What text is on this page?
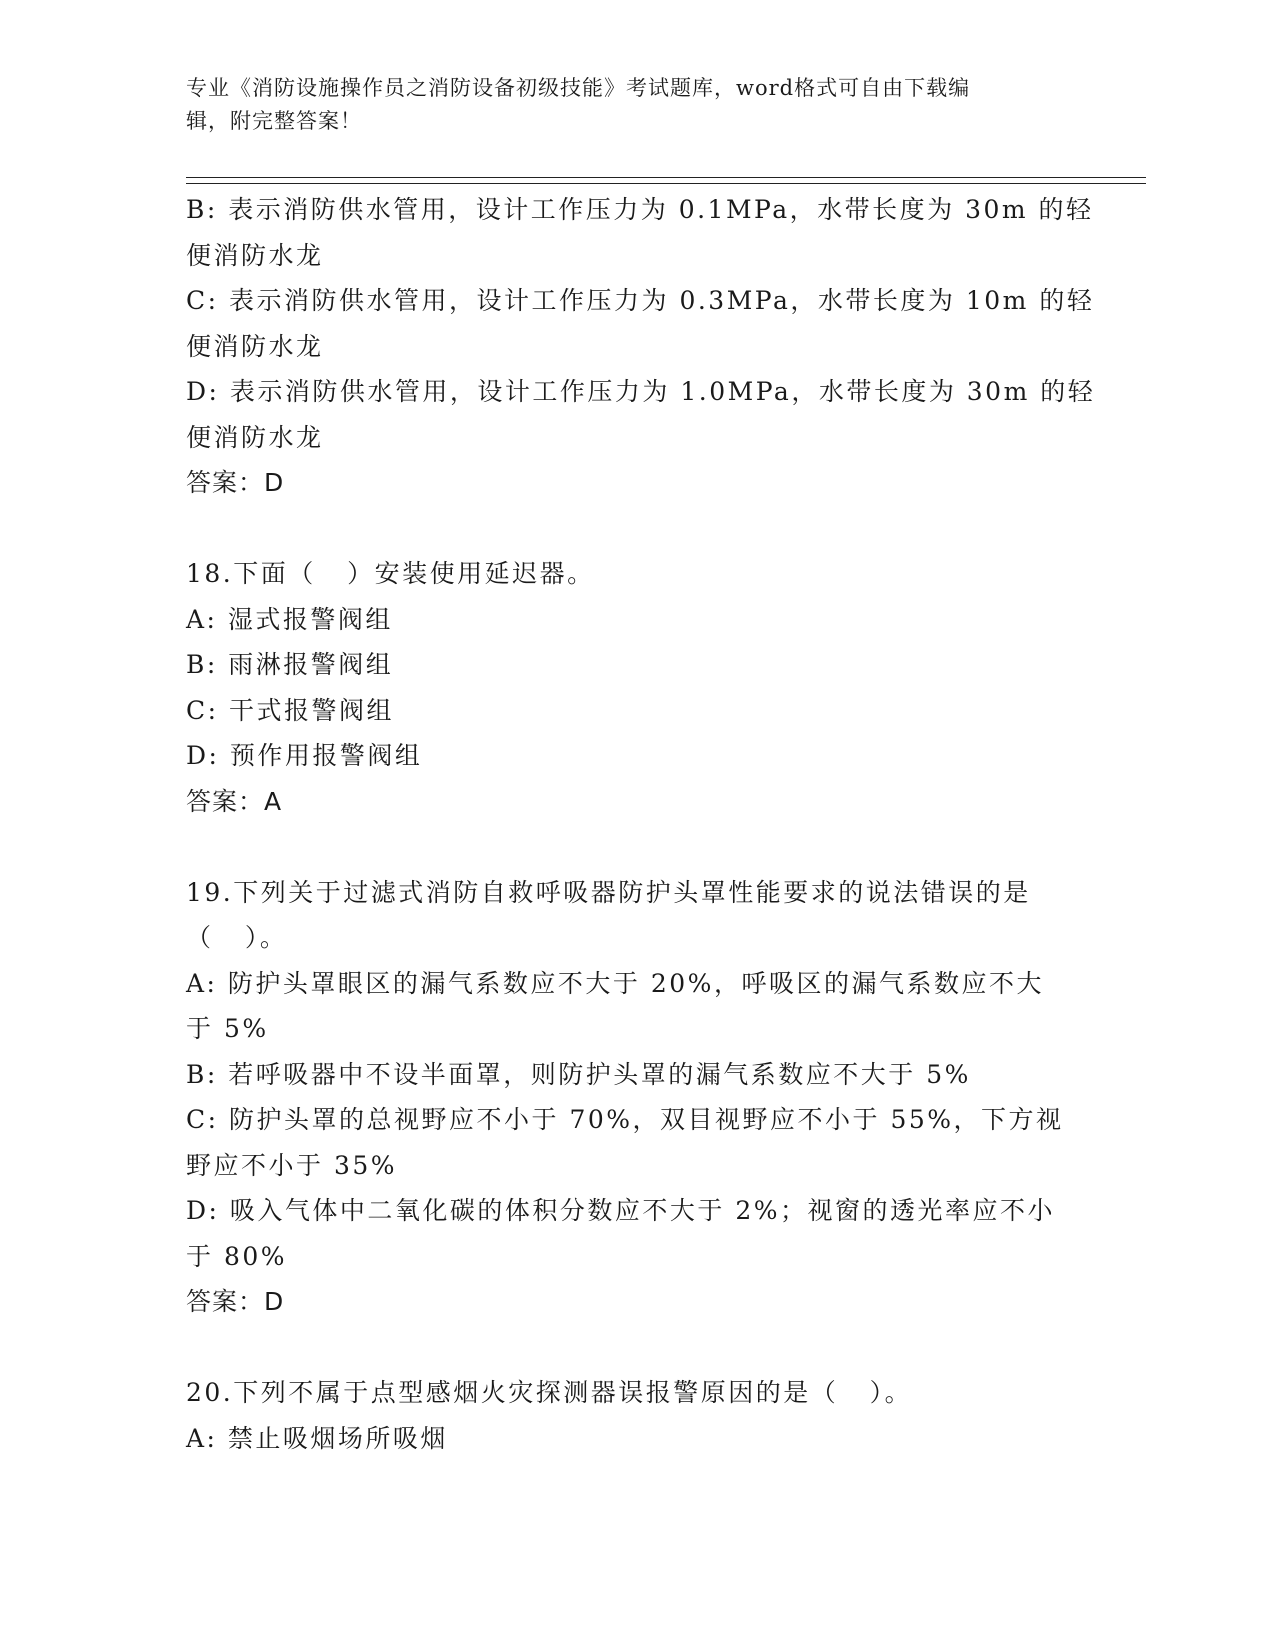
专业《消防设施操作员之消防设备初级技能》考试题库，word格式可自由下载编
辑，附完整答案！
B: 表示消防供水管用，设计工作压力为 0.1MPa，水带长度为 30m 的轻
便消防水龙
C: 表示消防供水管用，设计工作压力为 0.3MPa，水带长度为 10m 的轻
便消防水龙
D: 表示消防供水管用，设计工作压力为 1.0MPa，水带长度为 30m 的轻
便消防水龙
答案：D
18.下面（   ）安装使用延迟器。
A: 湿式报警阀组
B: 雨淋报警阀组
C: 干式报警阀组
D: 预作用报警阀组
答案：A
19.下列关于过滤式消防自救呼吸器防护头罩性能要求的说法错误的是
（   ）。
A: 防护头罩眼区的漏气系数应不大于 20%，呼吸区的漏气系数应不大
于 5%
B: 若呼吸器中不设半面罩，则防护头罩的漏气系数应不大于 5%
C: 防护头罩的总视野应不小于 70%，双目视野应不小于 55%，下方视
野应不小于 35%
D: 吸入气体中二氧化碳的体积分数应不大于 2%；视窗的透光率应不小
于 80%
答案：D
20.下列不属于点型感烟火灾探测器误报警原因的是（   ）。
A: 禁止吸烟场所吸烟
